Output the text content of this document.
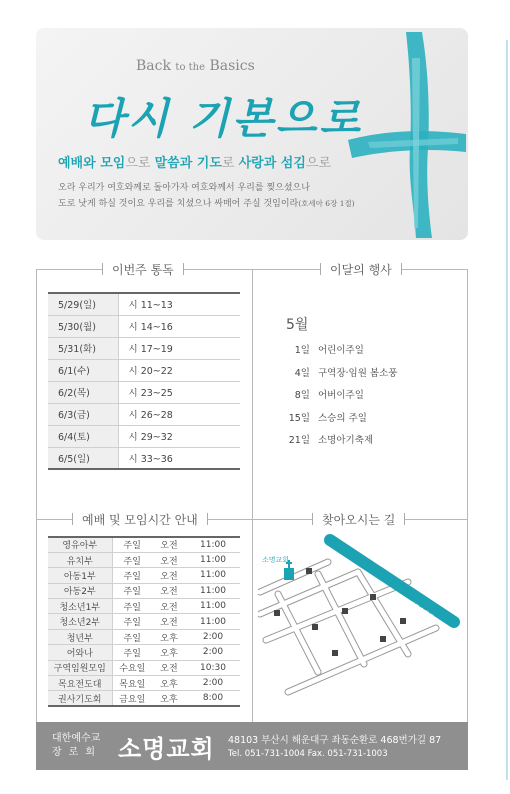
Back to the Basics
다시 기본으로
예배와 모임으로 말씀과 기도로 사랑과 섬김으로
오라 우리가 여호와께로 돌아가자 여호와께서 우리를 찢으셨으나
도로 낫게 하실 것이요 우리를 치셨으나 싸매어 주실 것임이라(호세아 6장 1절)
이번주 통독	이달의 행사
예배 및 모임시간 안내	찾아오시는 길
5/29(일)	시 11~13
5/30(월)	시 14~16
5/31(화)	시 17~19
6/1(수)	시 20~22
6/2(목)	시 23~25
6/3(금)	시 26~28
6/4(토)	시 29~32
6/5(일)	시 33~36
5월
1일 어린이주일
4일 구역장·임원 봄소풍
8일 어버이주일
15일 스승의 주일
21일 소명아기축제
영유아부	주일	오전	11:00
유치부	주일	오전	11:00
아동1부	주일	오전	11:00
아동2부	주일	오전	11:00
청소년1부	주일	오전	11:00
청소년2부	주일	오전	11:00
청년부	주일	오후	2:00
어와나	주일	오후	2:00
구역임원모임	수요일	오전	10:30
목요전도대	목요일	오후	2:00
권사기도회	금요일	오후	8:00
좌동순환로
소명교회
대한예수교
장로회 소명교회 48103 부산시 해운대구 좌동순환로 468번가길 87
Tel. 051-731-1004 Fax. 051-731-1003
